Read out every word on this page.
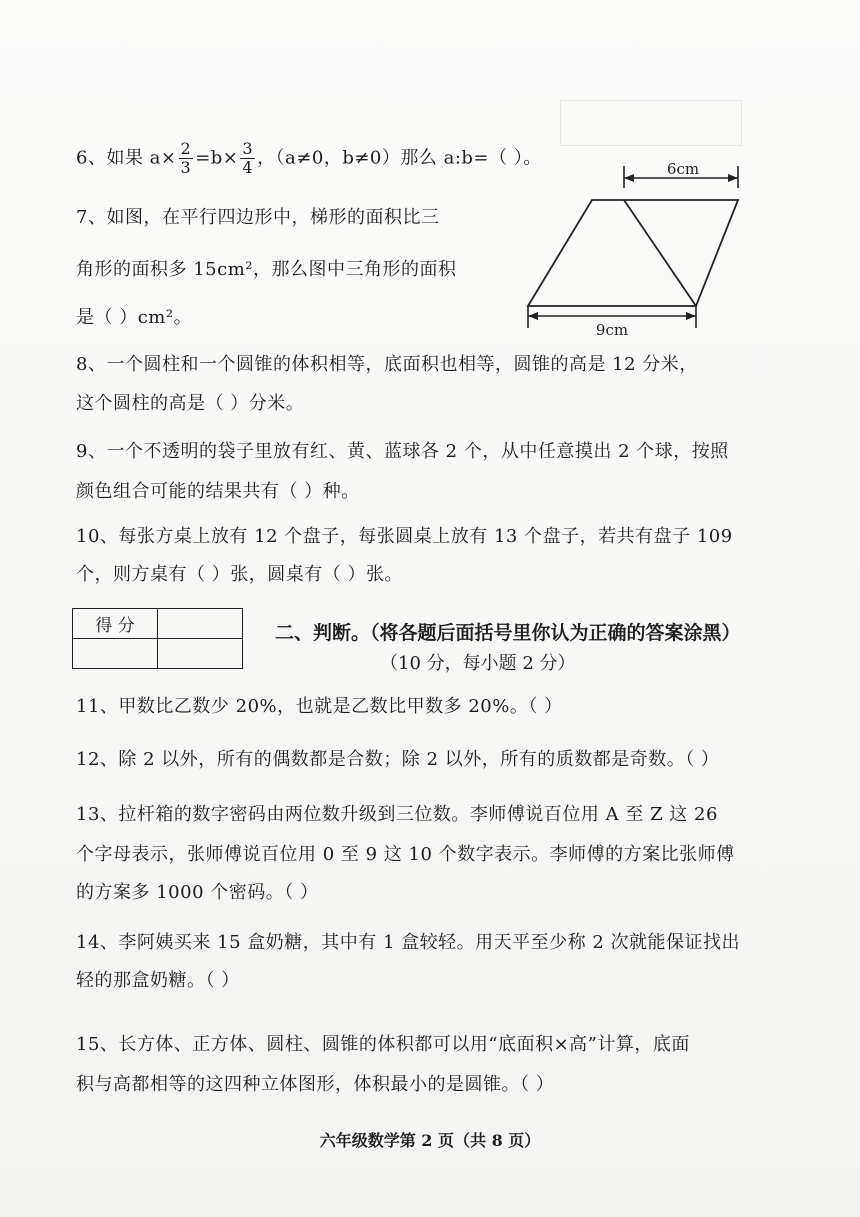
6、如果 $a\times \frac{2}{3} =b\times \frac{3}{4}$ ，（a≠0，b≠0）那么 a:b=（ ）。
7、如图，在平行四边形中，梯形的面积比三
角形的面积多 15cm²，那么图中三角形的面积
是（ ）cm²。
6cm
9cm
8、一个圆柱和一个圆锥的体积相等，底面积也相等，圆锥的高是 12 分米，
这个圆柱的高是（ ）分米。
9、一个不透明的袋子里放有红、黄、蓝球各 2 个，从中任意摸出 2 个球，按照
颜色组合可能的结果共有（ ）种。
10、每张方桌上放有 12 个盘子，每张圆桌上放有 13 个盘子，若共有盘子 109
个，则方桌有（ ）张，圆桌有（ ）张。
得 分	
		二、判断。（将各题后面括号里你认为正确的答案涂黑）
（10 分，每小题 2 分）
11、甲数比乙数少 20%，也就是乙数比甲数多 20%。（ ）
12、除 2 以外，所有的偶数都是合数；除 2 以外，所有的质数都是奇数。（ ）
13、拉杆箱的数字密码由两位数升级到三位数。李师傅说百位用 A 至 Z 这 26
个字母表示，张师傅说百位用 0 至 9 这 10 个数字表示。李师傅的方案比张师傅
的方案多 1000 个密码。（ ）
14、李阿姨买来 15 盒奶糖，其中有 1 盒较轻。用天平至少称 2 次就能保证找出
轻的那盒奶糖。（ ）
15、长方体、正方体、圆柱、圆锥的体积都可以用“底面积×高”计算，底面
积与高都相等的这四种立体图形，体积最小的是圆锥。（ ）
六年级数学第 2 页（共 8 页）
